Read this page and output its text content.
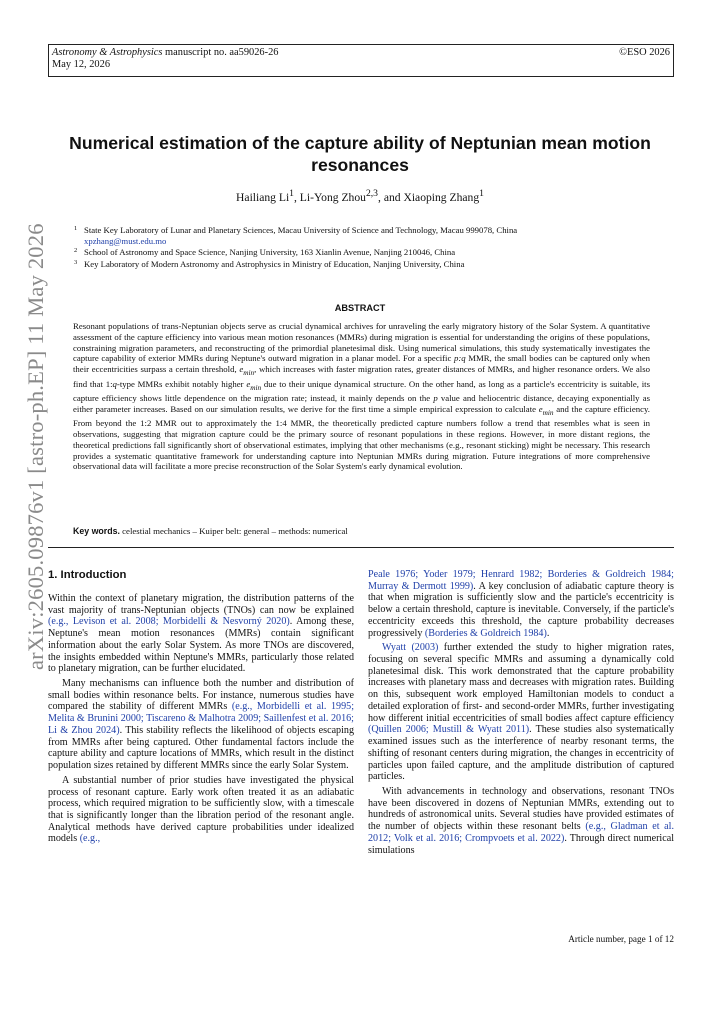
Astronomy & Astrophysics manuscript no. aa59026-26
May 12, 2026
©ESO 2026
arXiv:2605.09876v1 [astro-ph.EP] 11 May 2026
Numerical estimation of the capture ability of Neptunian mean motion resonances
Hailiang Li$^1$, Li-Yong Zhou$^{2,3}$, and Xiaoping Zhang$^1$
1 State Key Laboratory of Lunar and Planetary Sciences, Macau University of Science and Technology, Macau 999078, China
xpzhang@must.edu.mo
2 School of Astronomy and Space Science, Nanjing University, 163 Xianlin Avenue, Nanjing 210046, China
3 Key Laboratory of Modern Astronomy and Astrophysics in Ministry of Education, Nanjing University, China
ABSTRACT
Resonant populations of trans-Neptunian objects serve as crucial dynamical archives for unraveling the early migratory history of the Solar System. A quantitative assessment of the capture efficiency into various mean motion resonances (MMRs) during migration is essential for understanding the origins of these populations, constraining migration parameters, and reconstructing of the primordial planetesimal disk. Using numerical simulations, this study systematically investigates the capture capability of exterior MMRs during Neptune's outward migration in a planar model. For a specific p:q MMR, the small bodies can be captured only when their eccentricities surpass a certain threshold, $e_{min}$, which increases with faster migration rates, greater distances of MMRs, and higher resonance orders. We also find that 1:q-type MMRs exhibit notably higher $e_{min}$ due to their unique dynamical structure. On the other hand, as long as a particle's eccentricity is suitable, its capture efficiency shows little dependence on the migration rate; instead, it mainly depends on the p value and heliocentric distance, decaying exponentially as either parameter increases. Based on our simulation results, we derive for the first time a simple empirical expression to calculate $e_{min}$ and the capture efficiency. From beyond the 1:2 MMR out to approximately the 1:4 MMR, the theoretically predicted capture numbers follow a trend that resembles what is seen in observations, suggesting that migration capture could be the primary source of resonant populations in these regions. However, in more distant regions, the theoretical predictions fall significantly short of observational estimates, implying that other mechanisms (e.g., resonant sticking) might be necessary. This research provides a systematic quantitative framework for understanding capture into Neptunian MMRs during migration. Future integrations of more comprehensive observational data will facilitate a more precise reconstruction of the Solar System's early dynamical evolution.
Key words. celestial mechanics – Kuiper belt: general – methods: numerical
1. Introduction

Within the context of planetary migration, the distribution patterns of the vast majority of trans-Neptunian objects (TNOs) can now be explained (e.g., Levison et al. 2008; Morbidelli & Nesvorný 2020). Among these, Neptune's mean motion resonances (MMRs) contain significant information about the early Solar System. As more TNOs are discovered, the insights embedded within Neptune's MMRs, particularly those related to planetary migration, can be further elucidated.

Many mechanisms can influence both the number and distribution of small bodies within resonance belts. For instance, numerous studies have compared the stability of different MMRs (e.g., Morbidelli et al. 1995; Melita & Brunini 2000; Tiscareno & Malhotra 2009; Saillenfest et al. 2016; Li & Zhou 2024). This stability reflects the likelihood of objects escaping from MMRs after being captured. Other fundamental factors include the capture ability and capture locations of MMRs, which result in the distinct population sizes retained by different MMRs since the early Solar System.

A substantial number of prior studies have investigated the physical process of resonant capture. Early work often treated it as an adiabatic process, which required migration to be sufficiently slow, with a timescale that is significantly longer than the libration period of the resonant angle. Analytical methods have derived capture probabilities under idealized models (e.g.,

Peale 1976; Yoder 1979; Henrard 1982; Borderies & Goldreich 1984; Murray & Dermott 1999). A key conclusion of adiabatic capture theory is that when migration is sufficiently slow and the particle's eccentricity is below a certain threshold, capture is inevitable. Conversely, if the particle's eccentricity exceeds this threshold, the capture probability decreases progressively (Borderies & Goldreich 1984).

Wyatt (2003) further extended the study to higher migration rates, focusing on several specific MMRs and assuming a dynamically cold planetesimal disk. This work demonstrated that the capture probability increases with planetary mass and decreases with migration rates. Building on this, subsequent work employed Hamiltonian models to conduct a detailed exploration of first- and second-order MMRs, further investigating how different initial eccentricities of small bodies affect capture efficiency (Quillen 2006; Mustill & Wyatt 2011). These studies also systematically examined issues such as the interference of nearby resonant terms, the shifting of resonant centers during migration, the changes in eccentricity of particles upon failed capture, and the amplitude distribution of captured particles.

With advancements in technology and observations, resonant TNOs have been discovered in dozens of Neptunian MMRs, extending out to hundreds of astronomical units. Several studies have provided estimates of the number of objects within these resonant belts (e.g., Gladman et al. 2012; Volk et al. 2016; Crompvoets et al. 2022). Through direct numerical simulations

Article number, page 1 of 12
